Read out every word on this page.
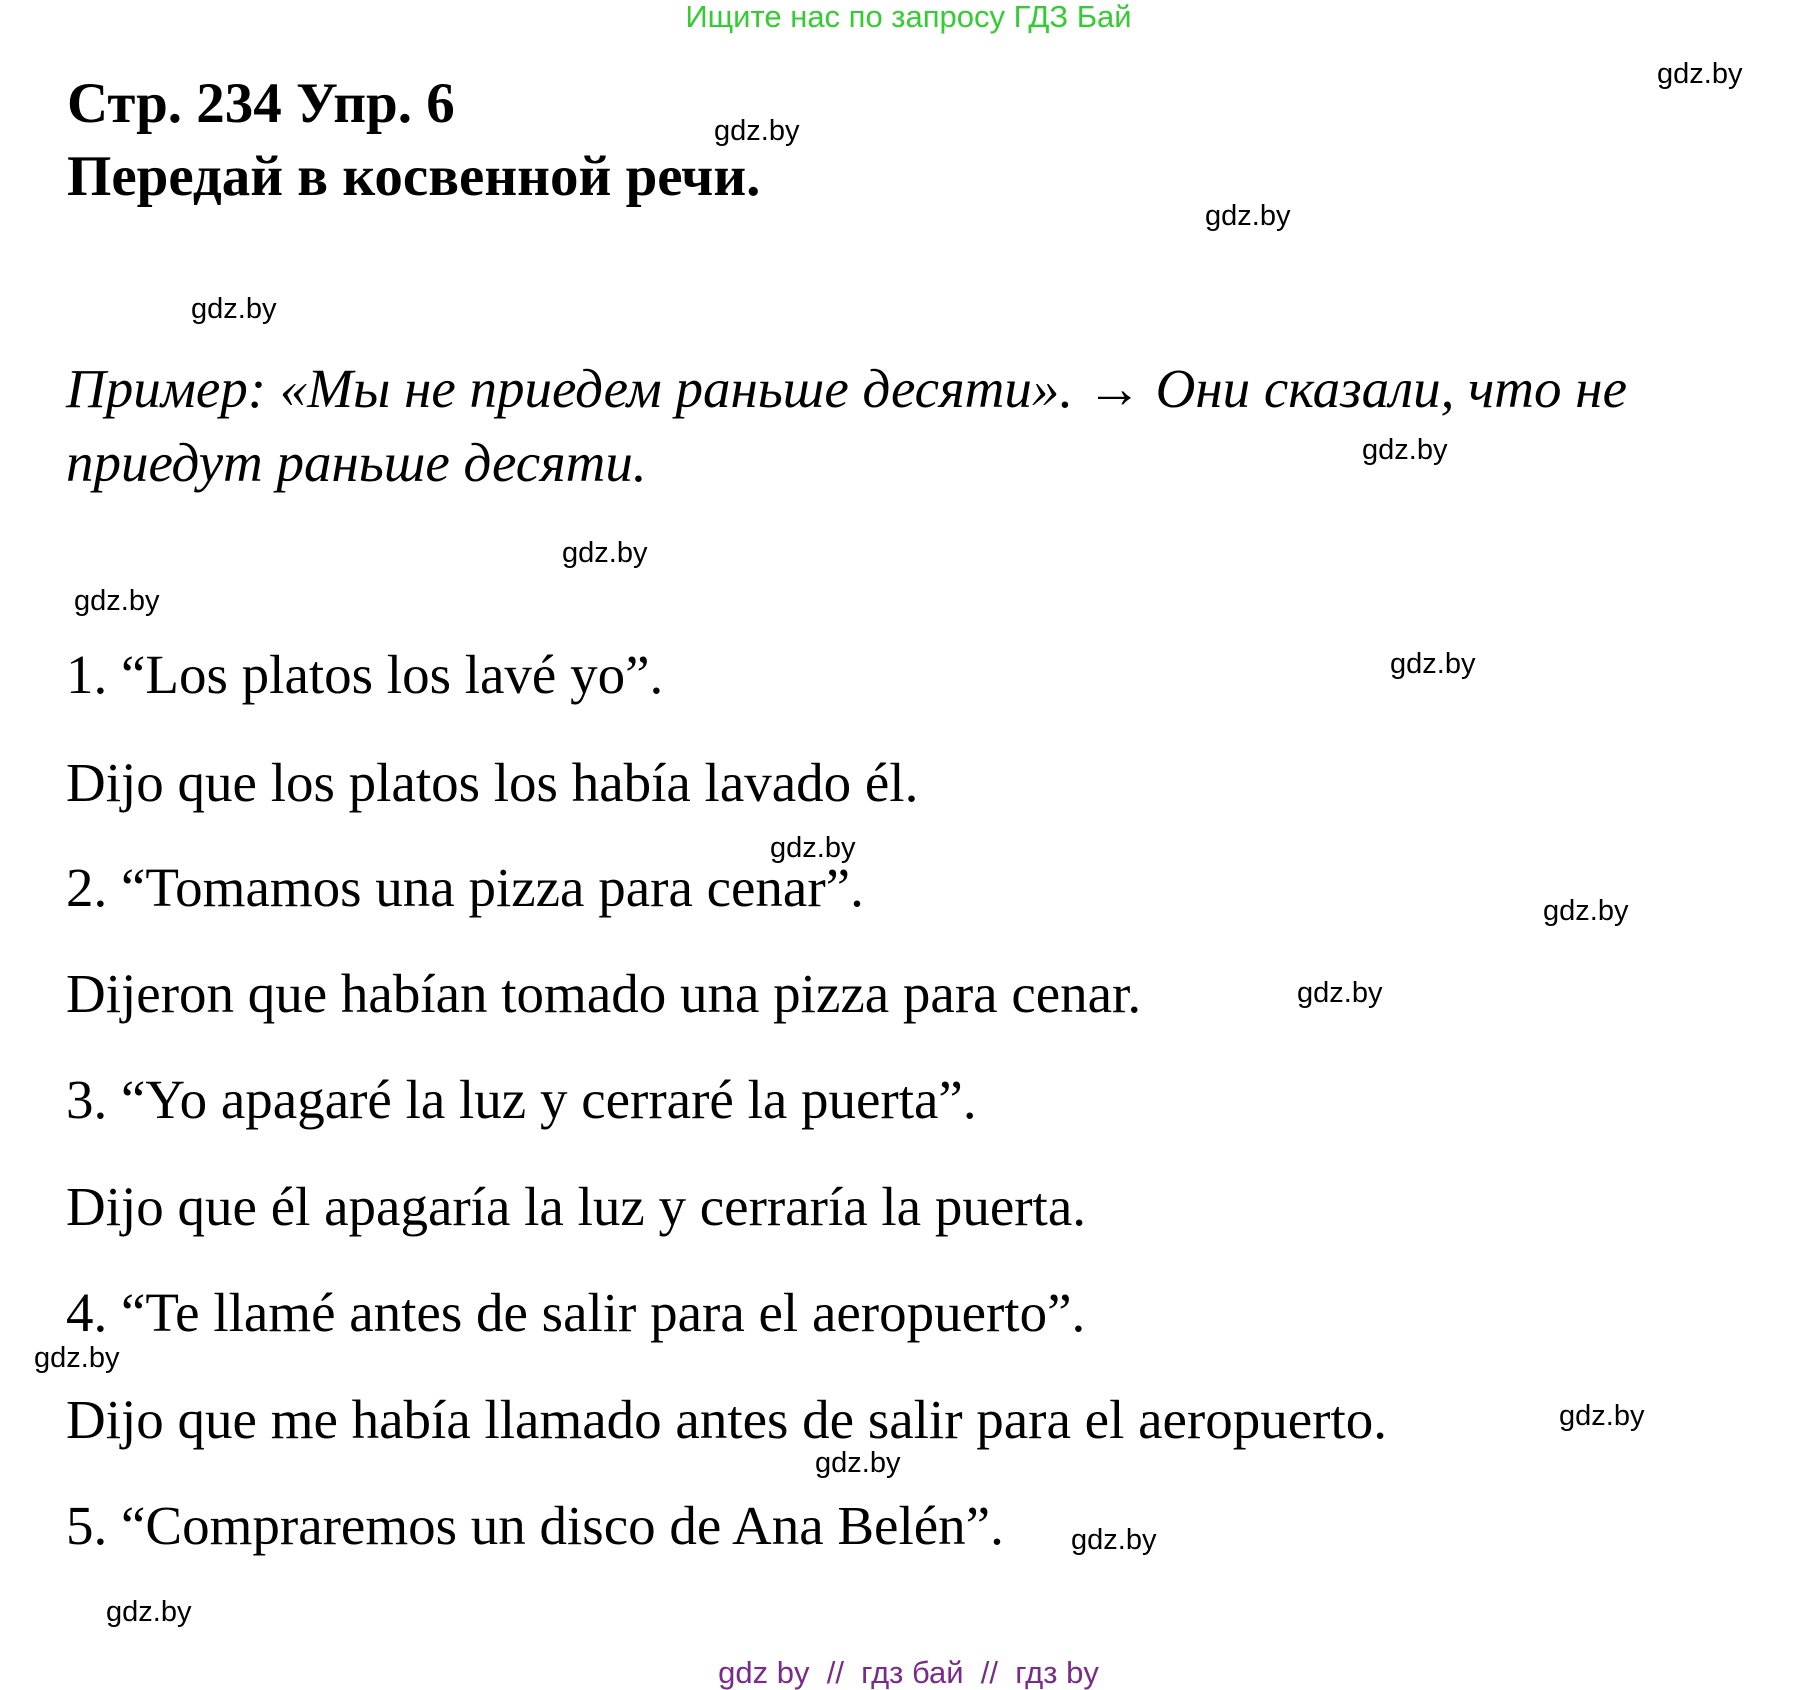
Ищите нас по запросу ГДЗ Бай
Стр. 234 Упр. 6
Передай в косвенной речи.
Пример: «Мы не приедем раньше десяти». → Они сказали, что не приедут раньше десяти.
1. “Los platos los lavé yo”.
Dijo que los platos los había lavado él.
2. “Tomamos una pizza para cenar”.
Dijeron que habían tomado una pizza para cenar.
3. “Yo apagaré la luz y cerraré la puerta”.
Dijo que él apagaría la luz y cerraría la puerta.
4. “Te llamé antes de salir para el aeropuerto”.
Dijo que me había llamado antes de salir para el aeropuerto.
5. “Compraremos un disco de Ana Belén”.
gdz.by
gdz.by
gdz.by
gdz.by
gdz.by
gdz.by
gdz.by
gdz.by
gdz.by
gdz.by
gdz.by
gdz.by
gdz.by
gdz.by
gdz.by
gdz.by
gdz by  //  гдз бай  //  гдз by
